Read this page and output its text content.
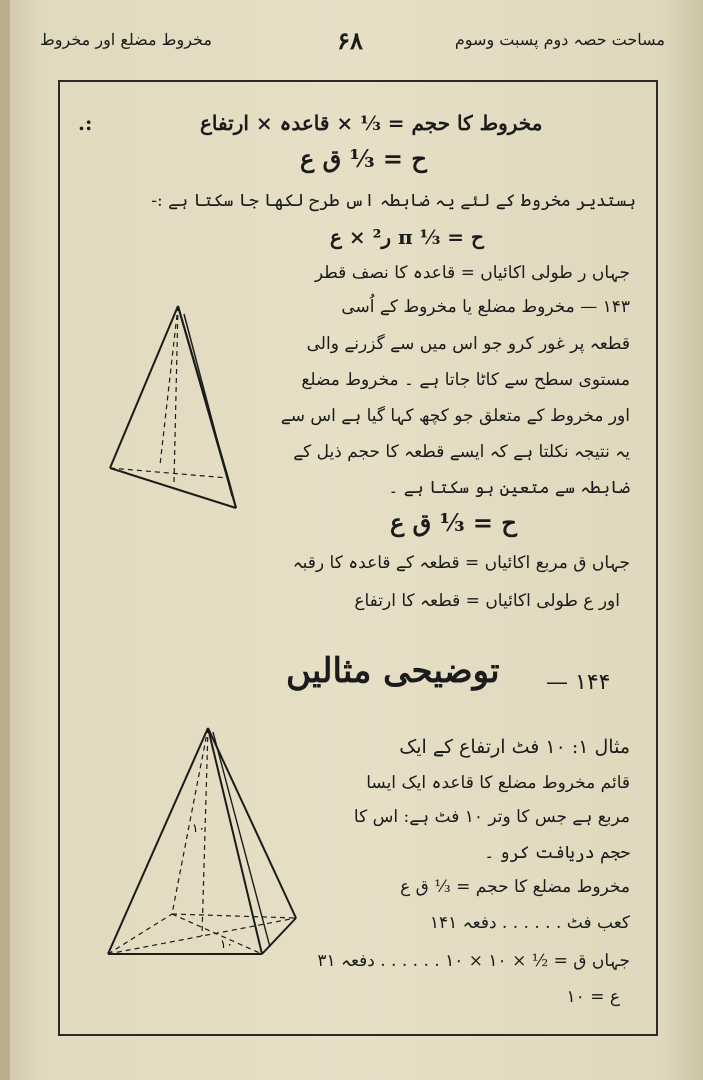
مساحت حصہ دوم پسبت وسوم
۶۸
مخروط مضلع اور مخروط
:.	مخروط کا حجم = ⅓ × قاعدہ × ارتفاع
ح = ⅓ ق ع
ہستدیر مخروط کے لئے یہ ضابطہ اس طرح لکھا جا سکتا ہے :-
ح = ⅓ π ر² × ع
جہاں ر طولی اکائیاں = قاعدہ کا نصف قطر
۱۴۳ — مخروط مضلع یا مخروط کے اُسی
قطعہ پر غور کرو جو اس میں سے گزرنے والی
مستوی سطح سے کاٹا جاتا ہے ۔ مخروط مضلع
اور مخروط کے متعلق جو کچھ کہا گیا ہے اس سے
یہ نتیجہ نکلتا ہے کہ ایسے قطعہ کا حجم ذیل کے
ضابطہ سے متعین ہو سکتا ہے ۔
ح = ⅓ ق ع
جہاں ق مربع اکائیاں = قطعہ کے قاعدہ کا رقبہ
اور ع طولی اکائیاں = قطعہ کا ارتفاع
توضیحی مثالیں ۱۴۴ —
مثال ۱: ۱۰ فٹ ارتفاع کے ایک
قائم مخروط مضلع کا قاعدہ ایک ایسا
مربع ہے جس کا وتر ۱۰ فٹ ہے: اس کا
حجم دریافت کرو ۔
مخروط مضلع کا حجم = ⅓ ق ع
کعب فٹ . . . . . . دفعہ ۱۴۱
جہاں ق = ½ × ۱۰ × ۱۰ . . . . . . دفعہ ۳۱
ع = ۱۰
۱۰
۱۰
